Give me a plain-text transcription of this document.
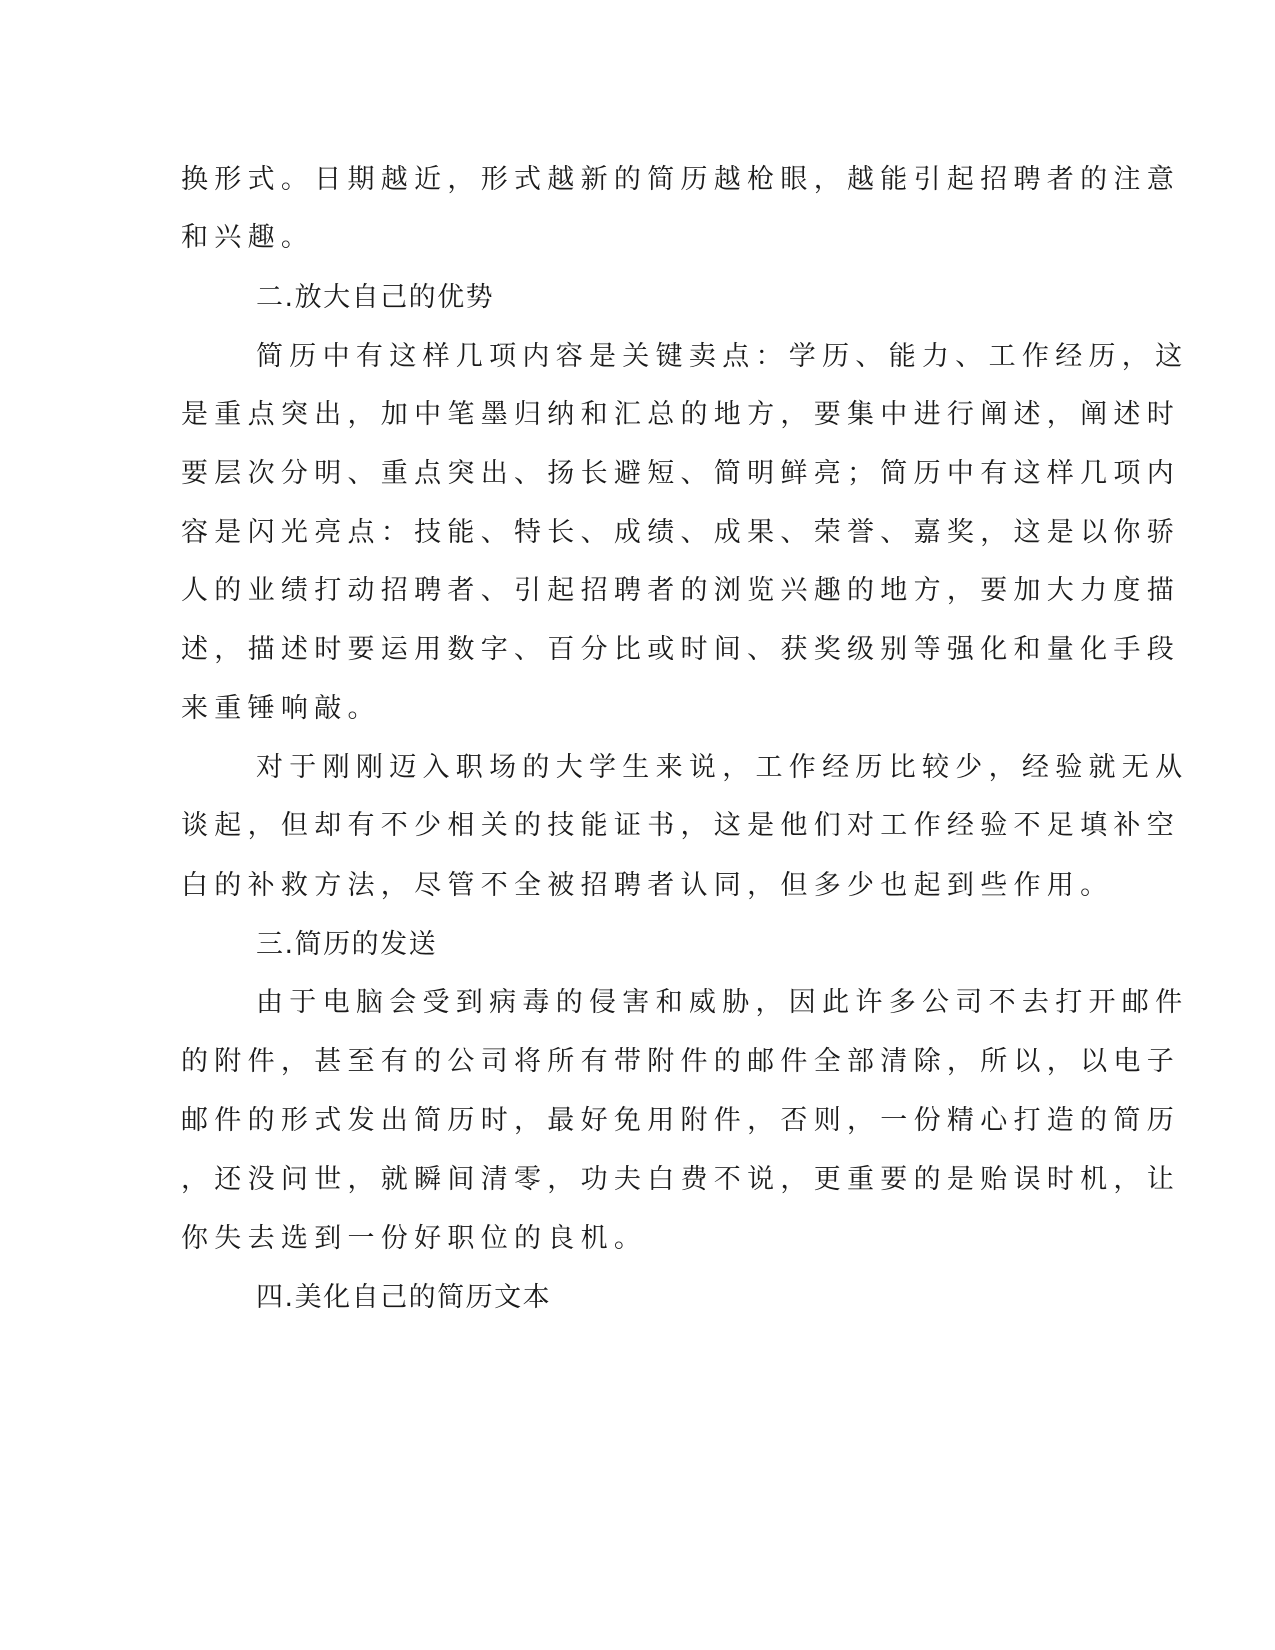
换形式。日期越近，形式越新的简历越枪眼，越能引起招聘者的注意
和兴趣。
二.放大自己的优势
简历中有这样几项内容是关键卖点：学历、能力、工作经历，这
是重点突出，加中笔墨归纳和汇总的地方，要集中进行阐述，阐述时
要层次分明、重点突出、扬长避短、简明鲜亮；简历中有这样几项内
容是闪光亮点：技能、特长、成绩、成果、荣誉、嘉奖，这是以你骄
人的业绩打动招聘者、引起招聘者的浏览兴趣的地方，要加大力度描
述，描述时要运用数字、百分比或时间、获奖级别等强化和量化手段
来重锤响敲。
对于刚刚迈入职场的大学生来说，工作经历比较少，经验就无从
谈起，但却有不少相关的技能证书，这是他们对工作经验不足填补空
白的补救方法，尽管不全被招聘者认同，但多少也起到些作用。
三.简历的发送
由于电脑会受到病毒的侵害和威胁，因此许多公司不去打开邮件
的附件，甚至有的公司将所有带附件的邮件全部清除，所以，以电子
邮件的形式发出简历时，最好免用附件，否则，一份精心打造的简历
，还没问世，就瞬间清零，功夫白费不说，更重要的是贻误时机，让
你失去选到一份好职位的良机。
四.美化自己的简历文本
